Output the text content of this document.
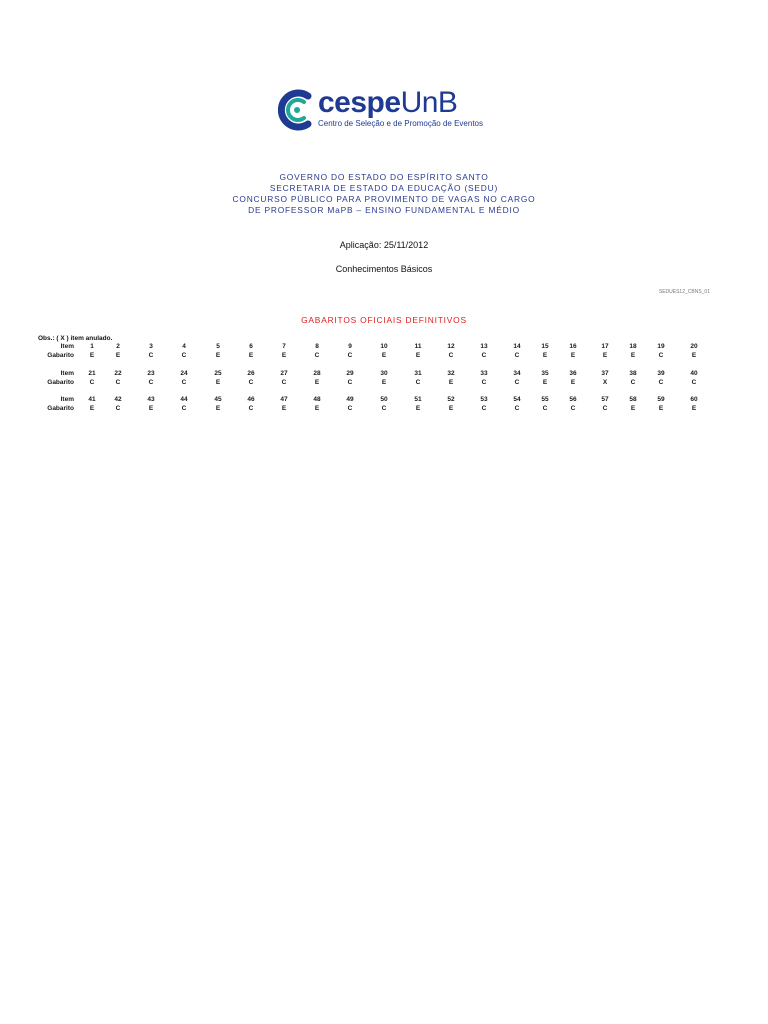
cespeUnB
Centro de Seleção e de Promoção de Eventos
GOVERNO DO ESTADO DO ESPÍRITO SANTO
SECRETARIA DE ESTADO DA EDUCAÇÃO (SEDU)
CONCURSO PÚBLICO PARA PROVIMENTO DE VAGAS NO CARGO
DE PROFESSOR MaPB – ENSINO FUNDAMENTAL E MÉDIO
Aplicação: 25/11/2012
Conhecimentos Básicos
SEDUES12_CBNS_01
GABARITOS OFICIAIS DEFINITIVOS
Obs.: ( X ) item anulado.
Item	1	2	3	4	5	6	7	8	9	10	11	12	13	14	15	16	17	18	19	20
Gabarito	E	E	C	C	E	E	E	C	C	E	E	C	C	C	E	E	E	E	C	E
Item	21	22	23	24	25	26	27	28	29	30	31	32	33	34	35	36	37	38	39	40
Gabarito	C	C	C	C	E	C	C	E	C	E	C	E	C	C	E	E	X	C	C	C
Item	41	42	43	44	45	46	47	48	49	50	51	52	53	54	55	56	57	58	59	60
Gabarito	E	C	E	C	E	C	E	E	C	C	E	E	C	C	C	C	C	E	E	E
